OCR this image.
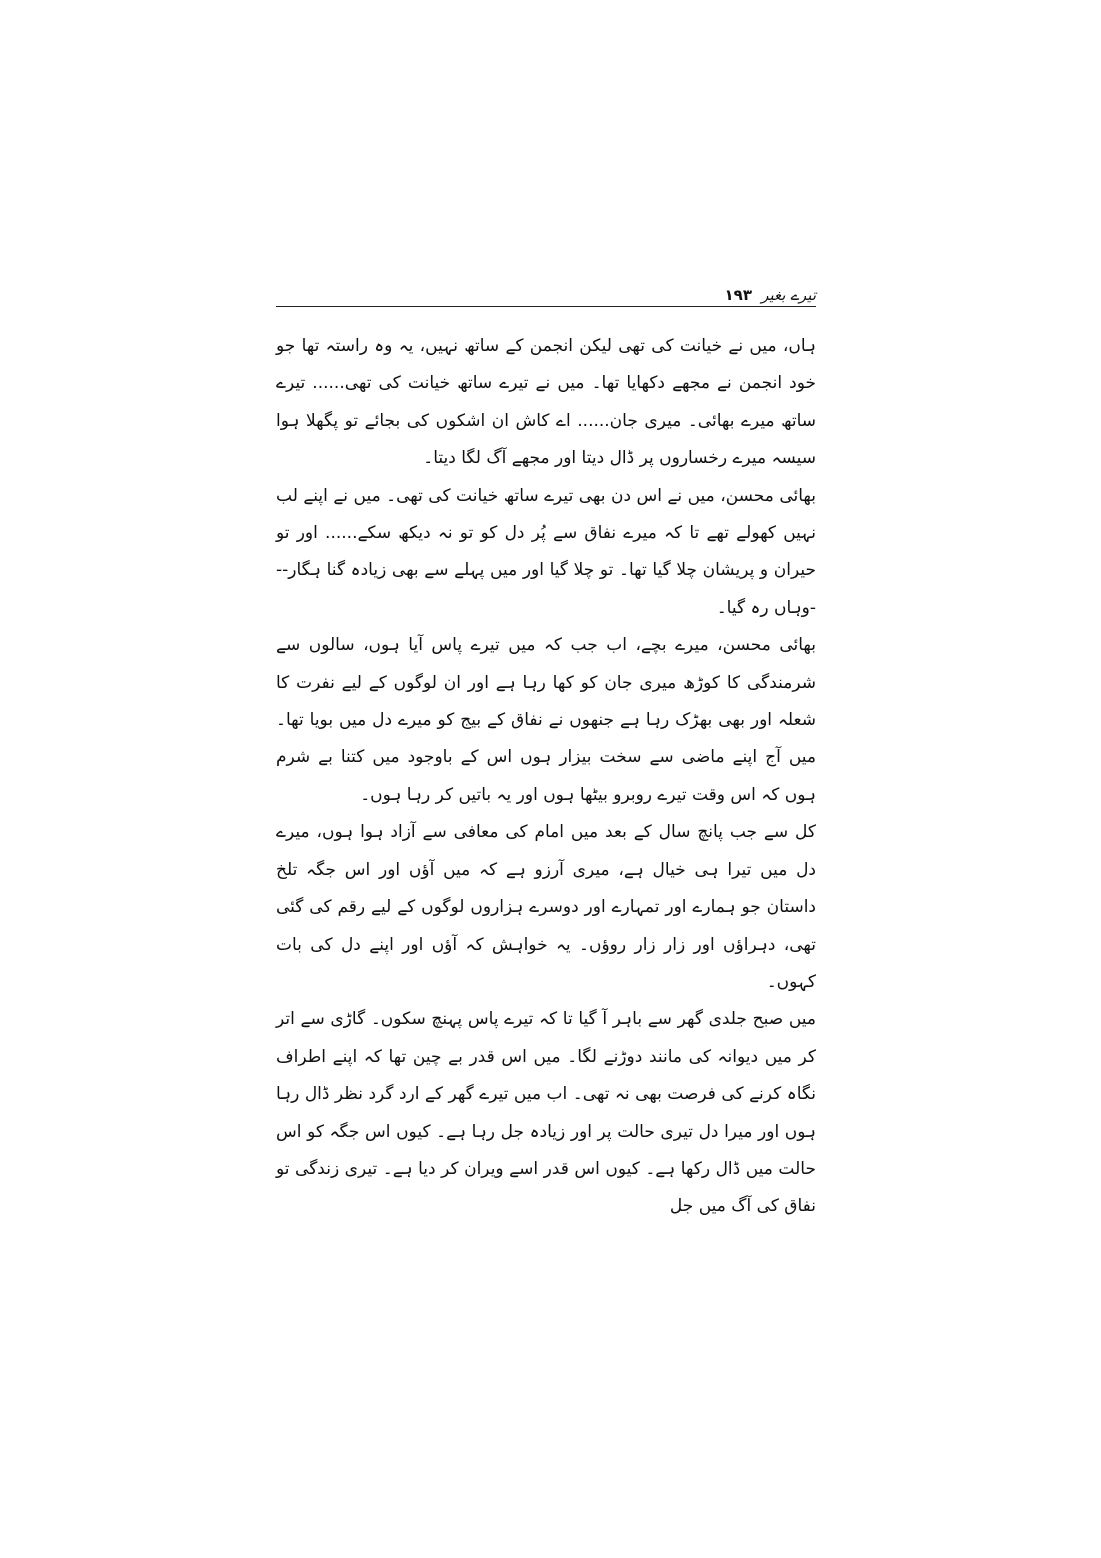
تیرے بغیر
۱۹۳

ہاں، میں نے خیانت کی تھی لیکن انجمن کے ساتھ نہیں، یہ وہ راستہ تھا جو خود انجمن نے مجھے دکھایا تھا۔ میں نے تیرے ساتھ خیانت کی تھی...... تیرے ساتھ میرے بھائی۔ میری جان...... اے کاش ان اشکوں کی بجائے تو پگھلا ہوا سیسہ میرے رخساروں پر ڈال دیتا اور مجھے آگ لگا دیتا۔

بھائی محسن، میں نے اس دن بھی تیرے ساتھ خیانت کی تھی۔ میں نے اپنے لب نہیں کھولے تھے تا کہ میرے نفاق سے پُر دل کو تو نہ دیکھ سکے...... اور تو حیران و پریشان چلا گیا تھا۔ تو چلا گیا اور میں پہلے سے بھی زیادہ گنا ہگار---وہاں رہ گیا۔

بھائی محسن، میرے بچے، اب جب کہ میں تیرے پاس آیا ہوں، سالوں سے شرمندگی کا کوڑھ میری جان کو کھا رہا ہے اور ان لوگوں کے لیے نفرت کا شعلہ اور بھی بھڑک رہا ہے جنھوں نے نفاق کے بیج کو میرے دل میں بویا تھا۔ میں آج اپنے ماضی سے سخت بیزار ہوں اس کے باوجود میں کتنا بے شرم ہوں کہ اس وقت تیرے روبرو بیٹھا ہوں اور یہ باتیں کر رہا ہوں۔

کل سے جب پانچ سال کے بعد میں امام کی معافی سے آزاد ہوا ہوں، میرے دل میں تیرا ہی خیال ہے، میری آرزو ہے کہ میں آؤں اور اس جگہ تلخ داستان جو ہمارے اور تمہارے اور دوسرے ہزاروں لوگوں کے لیے رقم کی گئی تھی، دہراؤں اور زار زار روؤں۔ یہ خواہش کہ آؤں اور اپنے دل کی بات کہوں۔

میں صبح جلدی گھر سے باہر آ گیا تا کہ تیرے پاس پہنچ سکوں۔ گاڑی سے اتر کر میں دیوانہ کی مانند دوڑنے لگا۔ میں اس قدر بے چین تھا کہ اپنے اطراف نگاہ کرنے کی فرصت بھی نہ تھی۔ اب میں تیرے گھر کے ارد گرد نظر ڈال رہا ہوں اور میرا دل تیری حالت پر اور زیادہ جل رہا ہے۔ کیوں اس جگہ کو اس حالت میں ڈال رکھا ہے۔ کیوں اس قدر اسے ویران کر دیا ہے۔ تیری زندگی تو نفاق کی آگ میں جل
